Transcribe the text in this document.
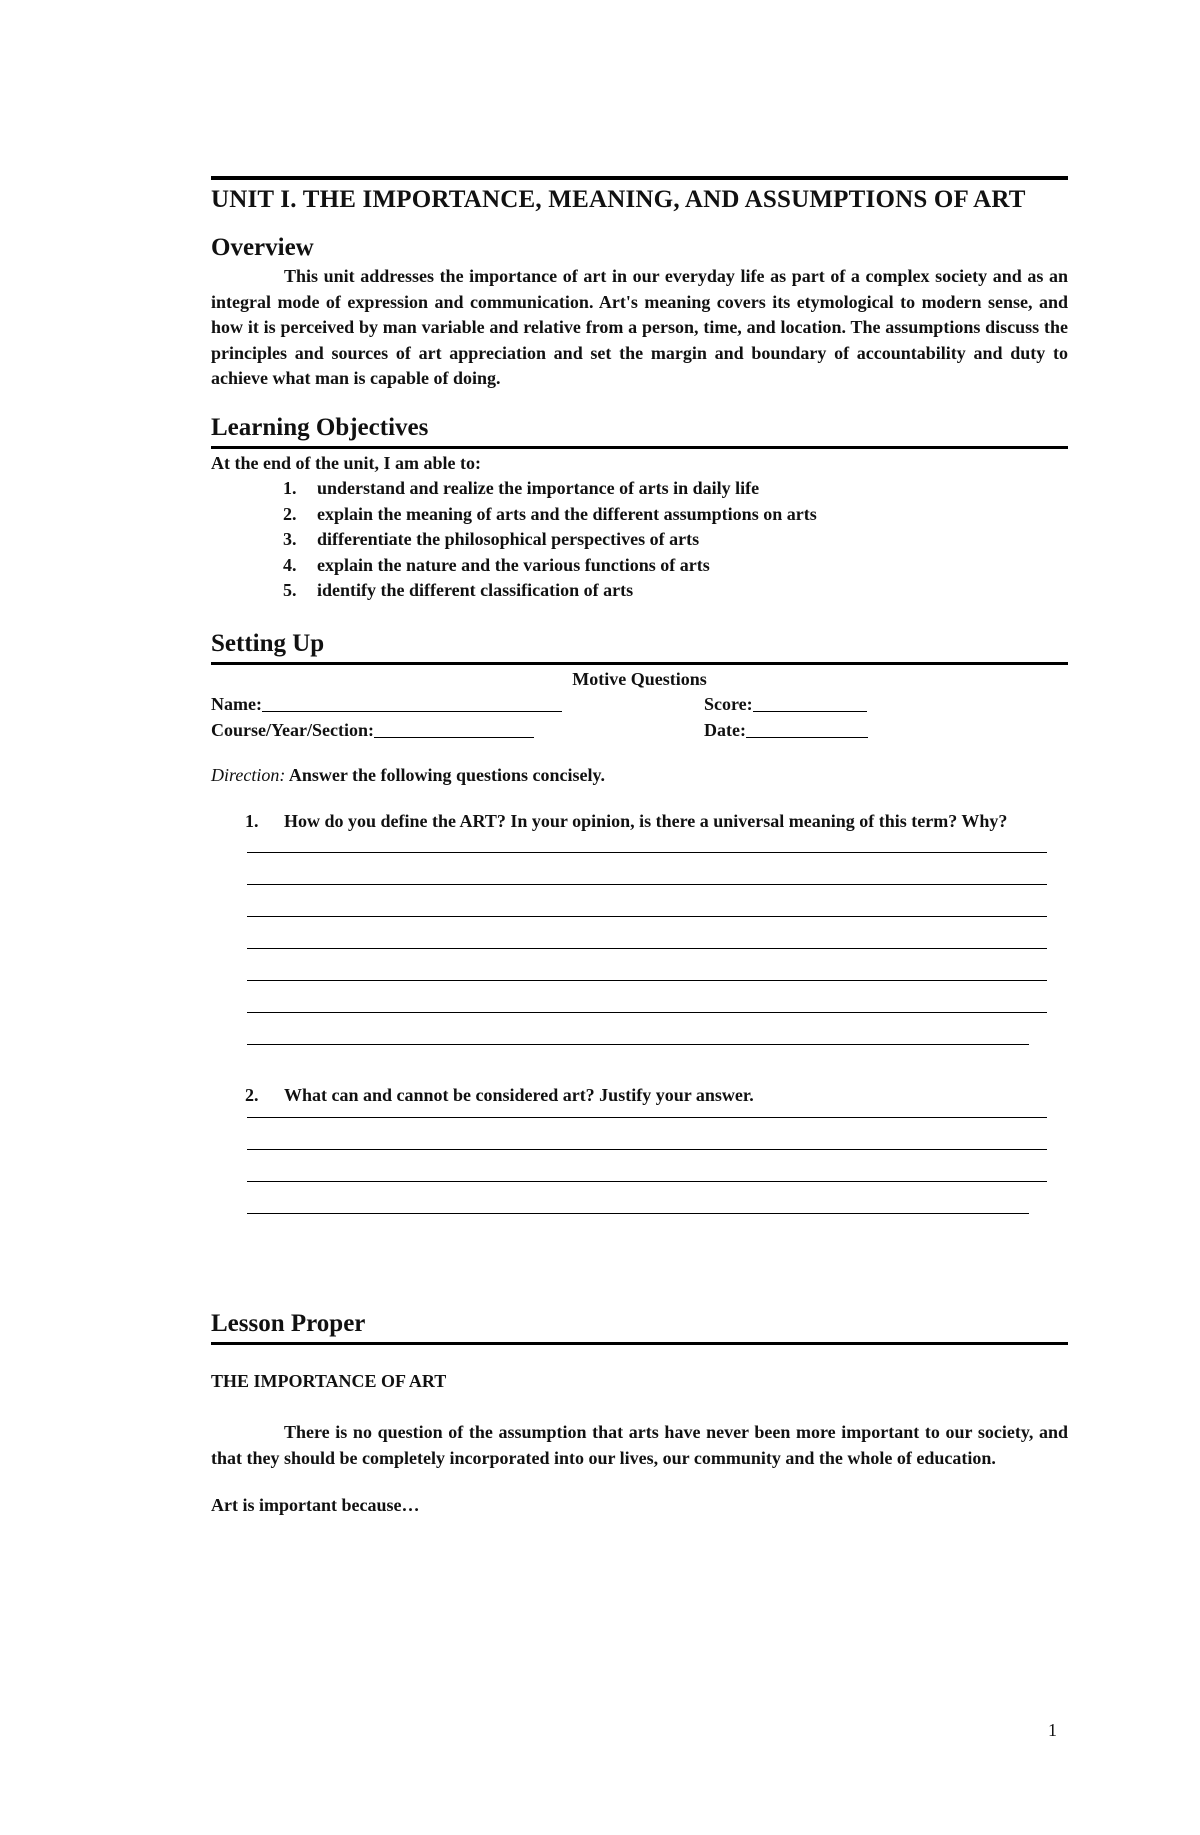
UNIT I. THE IMPORTANCE, MEANING, AND ASSUMPTIONS OF ART
Overview

This unit addresses the importance of art in our everyday life as part of a complex society and as an integral mode of expression and communication. Art's meaning covers its etymological to modern sense, and how it is perceived by man variable and relative from a person, time, and location. The assumptions discuss the principles and sources of art appreciation and set the margin and boundary of accountability and duty to achieve what man is capable of doing.

Learning Objectives

At the end of the unit, I am able to:

1.	understand and realize the importance of arts in daily life
2.	explain the meaning of arts and the different assumptions on arts
3.	differentiate the philosophical perspectives of arts
4.	explain the nature and the various functions of arts
5.	identify the different classification of arts
Setting Up

Motive Questions

Name:	Score:
Course/Year/Section:	Date:

Direction: Answer the following questions concisely.

1.	How do you define the ART? In your opinion, is there a universal meaning of this term? Why?
2.	What can and cannot be considered art? Justify your answer.
Lesson Proper

THE IMPORTANCE OF ART

There is no question of the assumption that arts have never been more important to our society, and that they should be completely incorporated into our lives, our community and the whole of education.

Art is important because…

1
